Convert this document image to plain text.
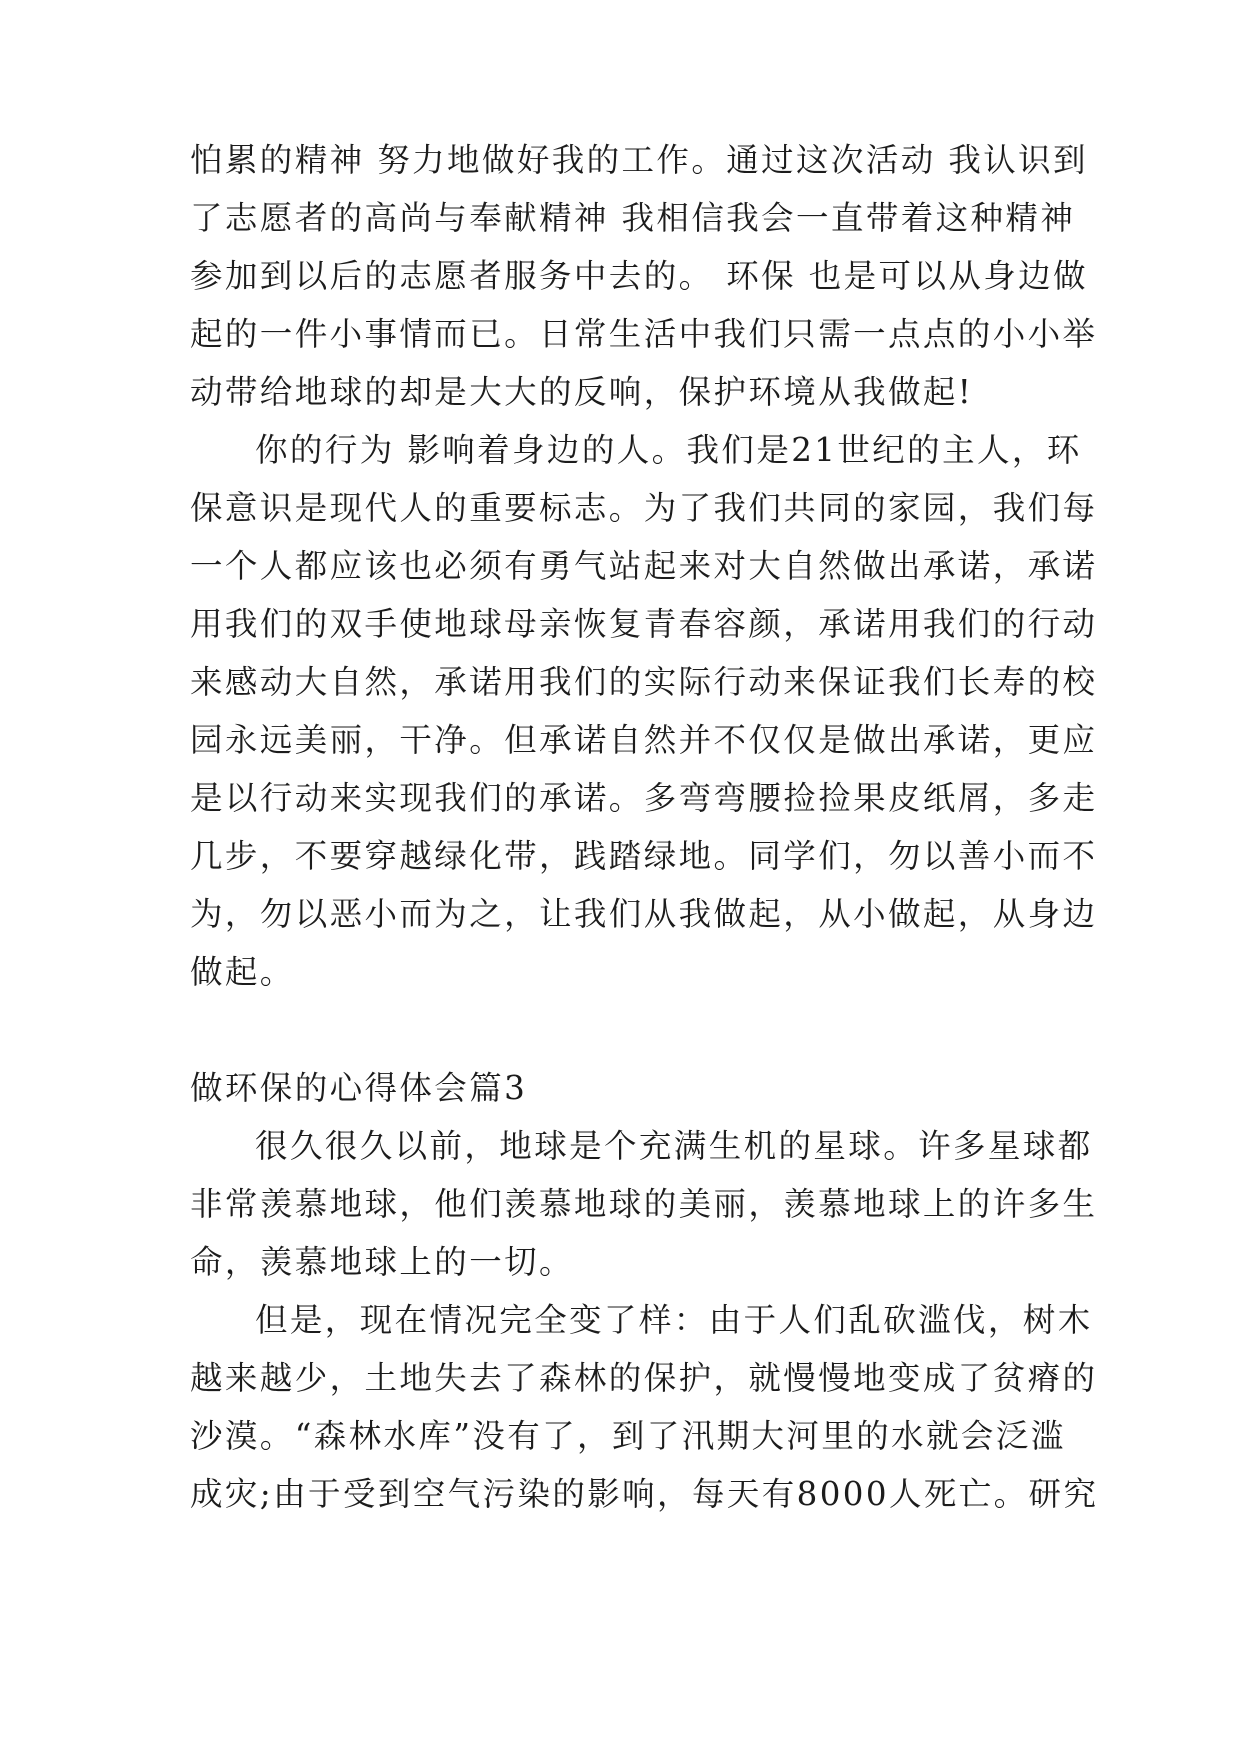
怕累的精神 努力地做好我的工作。通过这次活动 我认识到
了志愿者的高尚与奉献精神 我相信我会一直带着这种精神
参加到以后的志愿者服务中去的。 环保 也是可以从身边做
起的一件小事情而已。日常生活中我们只需一点点的小小举
动带给地球的却是大大的反响，保护环境从我做起!
你的行为 影响着身边的人。我们是21世纪的主人，环
保意识是现代人的重要标志。为了我们共同的家园，我们每
一个人都应该也必须有勇气站起来对大自然做出承诺，承诺
用我们的双手使地球母亲恢复青春容颜，承诺用我们的行动
来感动大自然，承诺用我们的实际行动来保证我们长寿的校
园永远美丽，干净。但承诺自然并不仅仅是做出承诺，更应
是以行动来实现我们的承诺。多弯弯腰捡捡果皮纸屑，多走
几步，不要穿越绿化带，践踏绿地。同学们，勿以善小而不
为，勿以恶小而为之，让我们从我做起，从小做起，从身边
做起。
做环保的心得体会篇3
很久很久以前，地球是个充满生机的星球。许多星球都
非常羡慕地球，他们羡慕地球的美丽，羡慕地球上的许多生
命，羡慕地球上的一切。
但是，现在情况完全变了样：由于人们乱砍滥伐，树木
越来越少，土地失去了森林的保护，就慢慢地变成了贫瘠的
沙漠。“森林水库”没有了，到了汛期大河里的水就会泛滥
成灾;由于受到空气污染的影响，每天有8000人死亡。研究
